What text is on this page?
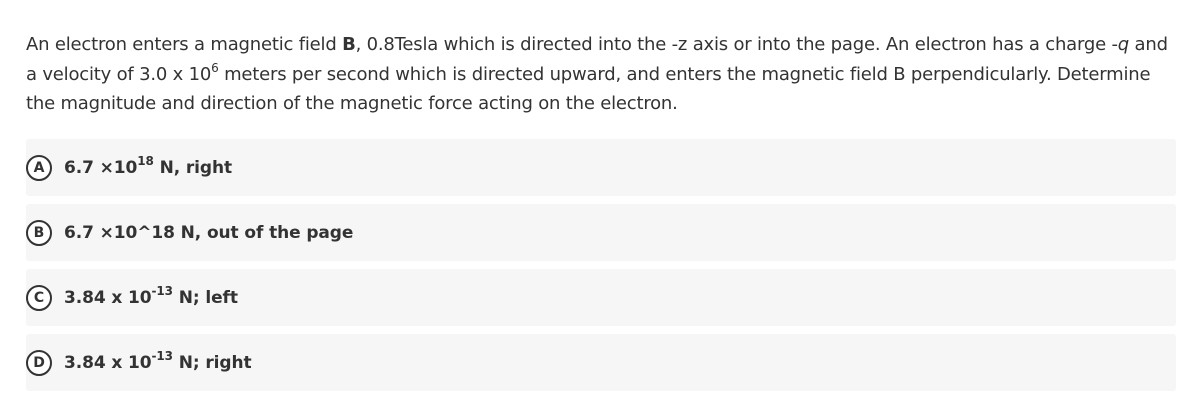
An electron enters a magnetic field B, 0.8Tesla which is directed into the -z axis or into the page. An electron has a charge -q and a velocity of 3.0 x $10^6$ meters per second which is directed upward, and enters the magnetic field B perpendicularly. Determine the magnitude and direction of the magnetic force acting on the electron.
A	$6.7 \times 10^{18}$ N, right
B	6.7 ×10^18 N, out of the page
C	3.84 x $10^{-13}$ N; left
D	3.84 x $10^{-13}$ N; right
